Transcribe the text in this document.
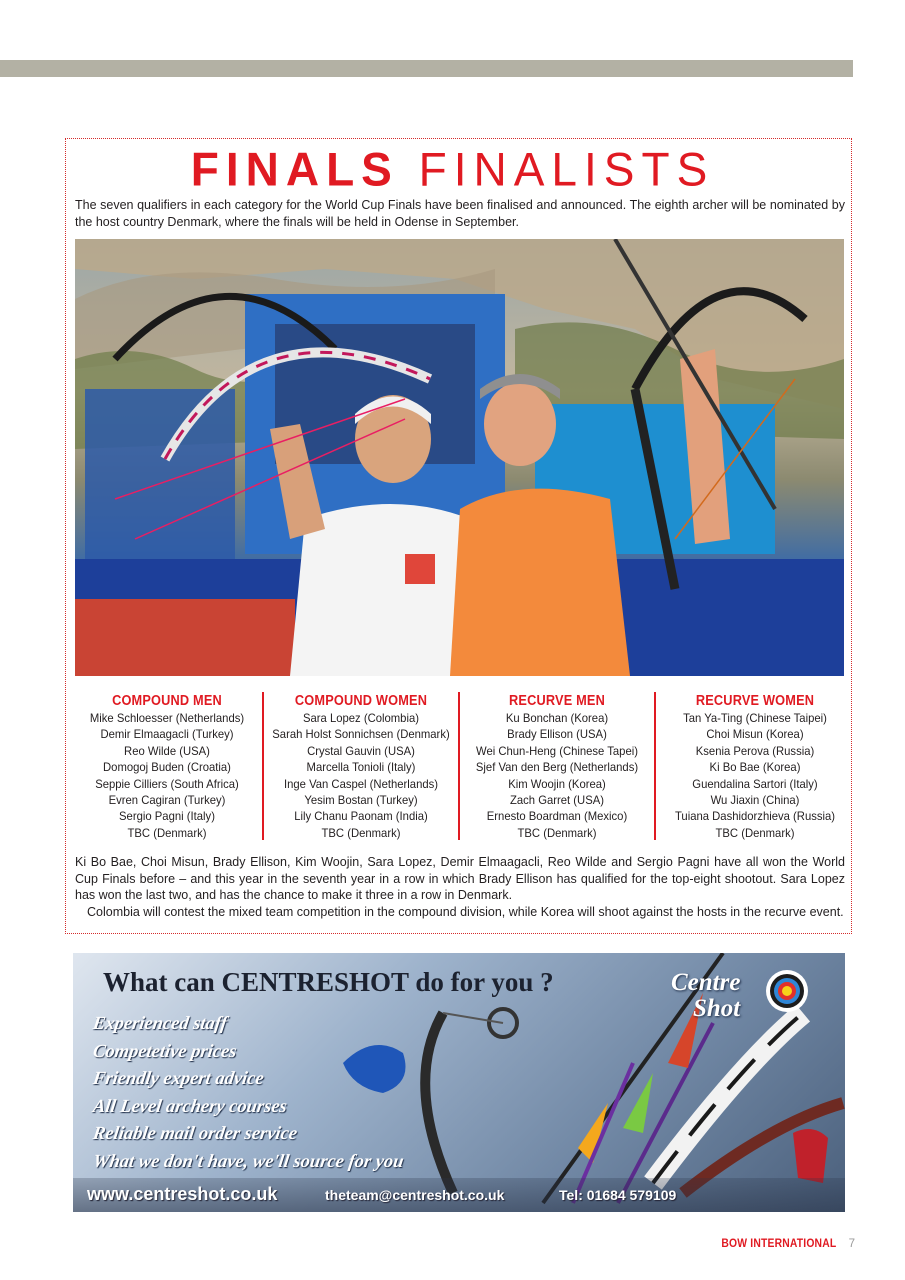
FINALS FINALISTS
The seven qualifiers in each category for the World Cup Finals have been finalised and announced. The eighth archer will be nominated by the host country Denmark, where the finals will be held in Odense in September.
COMPOUND MEN
Mike Schloesser (Netherlands)
Demir Elmaagacli (Turkey)
Reo Wilde (USA)
Domogoj Buden (Croatia)
Seppie Cilliers (South Africa)
Evren Cagiran (Turkey)
Sergio Pagni (Italy)
TBC (Denmark)
COMPOUND WOMEN
Sara Lopez (Colombia)
Sarah Holst Sonnichsen (Denmark)
Crystal Gauvin (USA)
Marcella Tonioli (Italy)
Inge Van Caspel (Netherlands)
Yesim Bostan (Turkey)
Lily Chanu Paonam (India)
TBC (Denmark)
RECURVE MEN
Ku Bonchan (Korea)
Brady Ellison (USA)
Wei Chun-Heng (Chinese Tapei)
Sjef Van den Berg (Netherlands)
Kim Woojin (Korea)
Zach Garret (USA)
Ernesto Boardman (Mexico)
TBC (Denmark)
RECURVE WOMEN
Tan Ya-Ting (Chinese Taipei)
Choi Misun (Korea)
Ksenia Perova (Russia)
Ki Bo Bae (Korea)
Guendalina Sartori (Italy)
Wu Jiaxin (China)
Tuiana Dashidorzhieva (Russia)
TBC (Denmark)

Ki Bo Bae, Choi Misun, Brady Ellison, Kim Woojin, Sara Lopez, Demir Elmaagacli, Reo Wilde and Sergio Pagni have all won the World Cup Finals before – and this year in the seventh year in a row in which Brady Ellison has qualified for the top-eight shootout. Sara Lopez has won the last two, and has the chance to make it three in a row in Denmark.

Colombia will contest the mixed team competition in the compound division, while Korea will shoot against the hosts in the recurve event.

What can CENTRESHOT do for you ?	Centre
Shot
Experienced staff
Competetive prices
Friendly expert advice
All Level archery courses
Reliable mail order service
What we don't have, we'll source for you
www.centreshot.co.uk	theteam@centreshot.co.uk	Tel: 01684 579109
BOW INTERNATIONAL 7
